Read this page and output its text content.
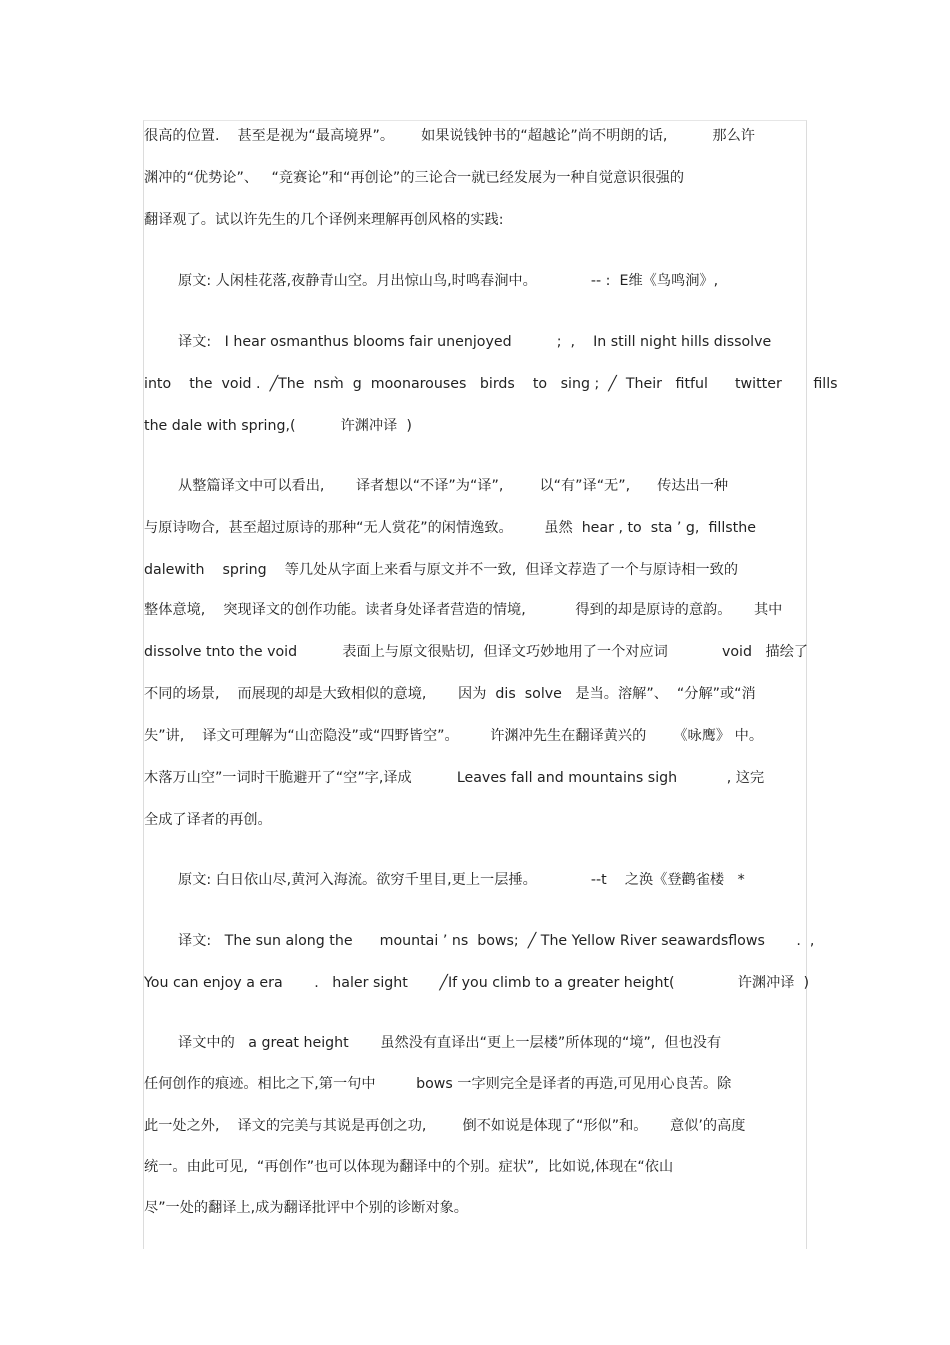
很高的位置.    甚至是视为“最高境界”。      如果说钱钟书的“超越论”尚不明朗的话,          那么许
渊冲的“优势论”、   “竞赛论”和“再创论”的三论合一就已经发展为一种自觉意识很强的
翻译观了。试以许先生的几个译例来理解再创风格的实践:
原文: 人闲桂花落,夜静青山空。月出惊山鸟,时鸣春涧中。            -- :  E维《鸟鸣涧》,
译文:   I hear osmanthus blooms fair unenjoyed          ;  ,    In still night hills dissolve
into    the  void .  ╱The  nsm̀  g  moonarouses   birds    to   sing ;  ╱  Their   fitful      twitter       fills
the dale with spring,(          许渊冲译  )
从整篇译文中可以看出,       译者想以“不译”为“译”,        以“有”译“无”,      传达出一种
与原诗吻合,  甚至超过原诗的那种“无人赏花”的闲情逸致。       虽然  hear , to  sta ’ g,  fillsthe
dalewith    spring    等几处从字面上来看与原文并不一致,  但译文荐造了一个与原诗相一致的
整体意境,    突现译文的创作功能。读者身处译者营造的情境,           得到的却是原诗的意韵。     其中
dissolve tnto the void          表面上与原文很贴切,  但译文巧妙地用了一个对应词            void   描绘了
不同的场景,    而展现的却是大致相似的意境,       因为  dis  solve   是当。溶解”、  “分解”或“消
失”讲,    译文可理解为“山峦隐没”或“四野皆空”。       许渊冲先生在翻译黄兴的      《咏鹰》 中。
木落万山空”一词时干脆避开了“空”字,译成          Leaves fall and mountains sigh           , 这完
全成了译者的再创。
原文: 白日依山尽,黄河入海流。欲穷千里目,更上一层捶。            --t    之涣《登鹳雀楼   *
译文:   The sun along the      mountai ’ ns  bows;  ╱ The Yellow River seawardsflows       .  ,
You can enjoy a era       .   haler sight       ╱If you climb to a greater height(              许渊冲译  )
译文中的   a great height       虽然没有直译出“更上一层楼”所体现的“境”,  但也没有
任何创作的痕迹。相比之下,第一句中         bows 一字则完全是译者的再造,可见用心良苦。除
此一处之外,    译文的完美与其说是再创之功,        倒不如说是体现了“形似”和。     意似’的高度
统一。由此可见,  “再创作”也可以体现为翻译中的个别。症状”,  比如说,体现在“依山
尽”一处的翻译上,成为翻译批评中个别的诊断对象。
